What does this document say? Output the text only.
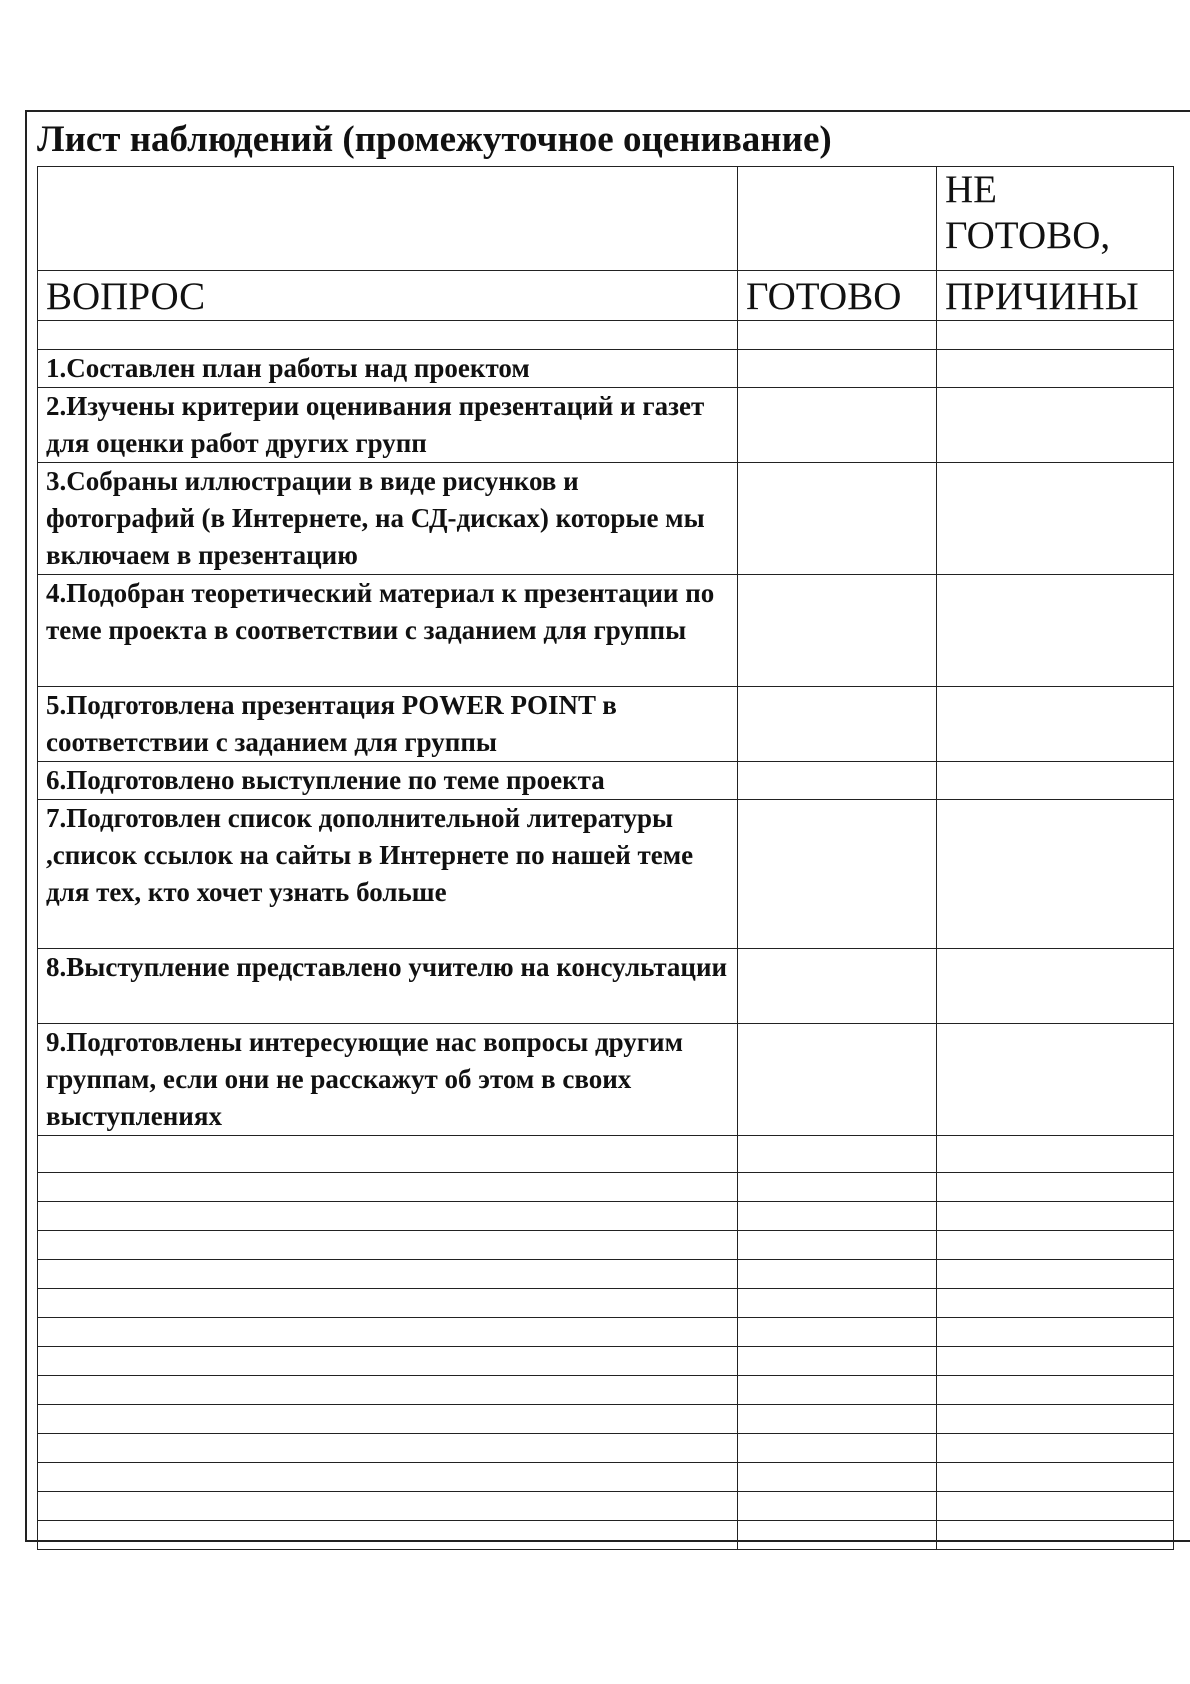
Лист наблюдений (промежуточное оценивание)

		НЕ
ГОТОВО,

ВОПРОС	ГОТОВО	ПРИЧИНЫ

1.Составлен план работы над проектом		
2.Изучены критерии оценивания презентаций и газет для оценки работ других групп		
3.Собраны иллюстрации в виде рисунков и фотографий (в Интернете, на СД-дисках) которые мы включаем в презентацию		
4.Подобран теоретический материал к презентации по теме проекта в соответствии с заданием для группы		
5.Подготовлена презентация POWER POINT в соответствии с заданием для группы		
6.Подготовлено выступление по теме проекта		
7.Подготовлен список дополнительной литературы ,список ссылок на сайты в Интернете по нашей теме для тех, кто хочет узнать больше		
8.Выступление представлено учителю на консультации		
9.Подготовлены интересующие нас вопросы другим группам, если они не расскажут об этом в своих выступлениях		
